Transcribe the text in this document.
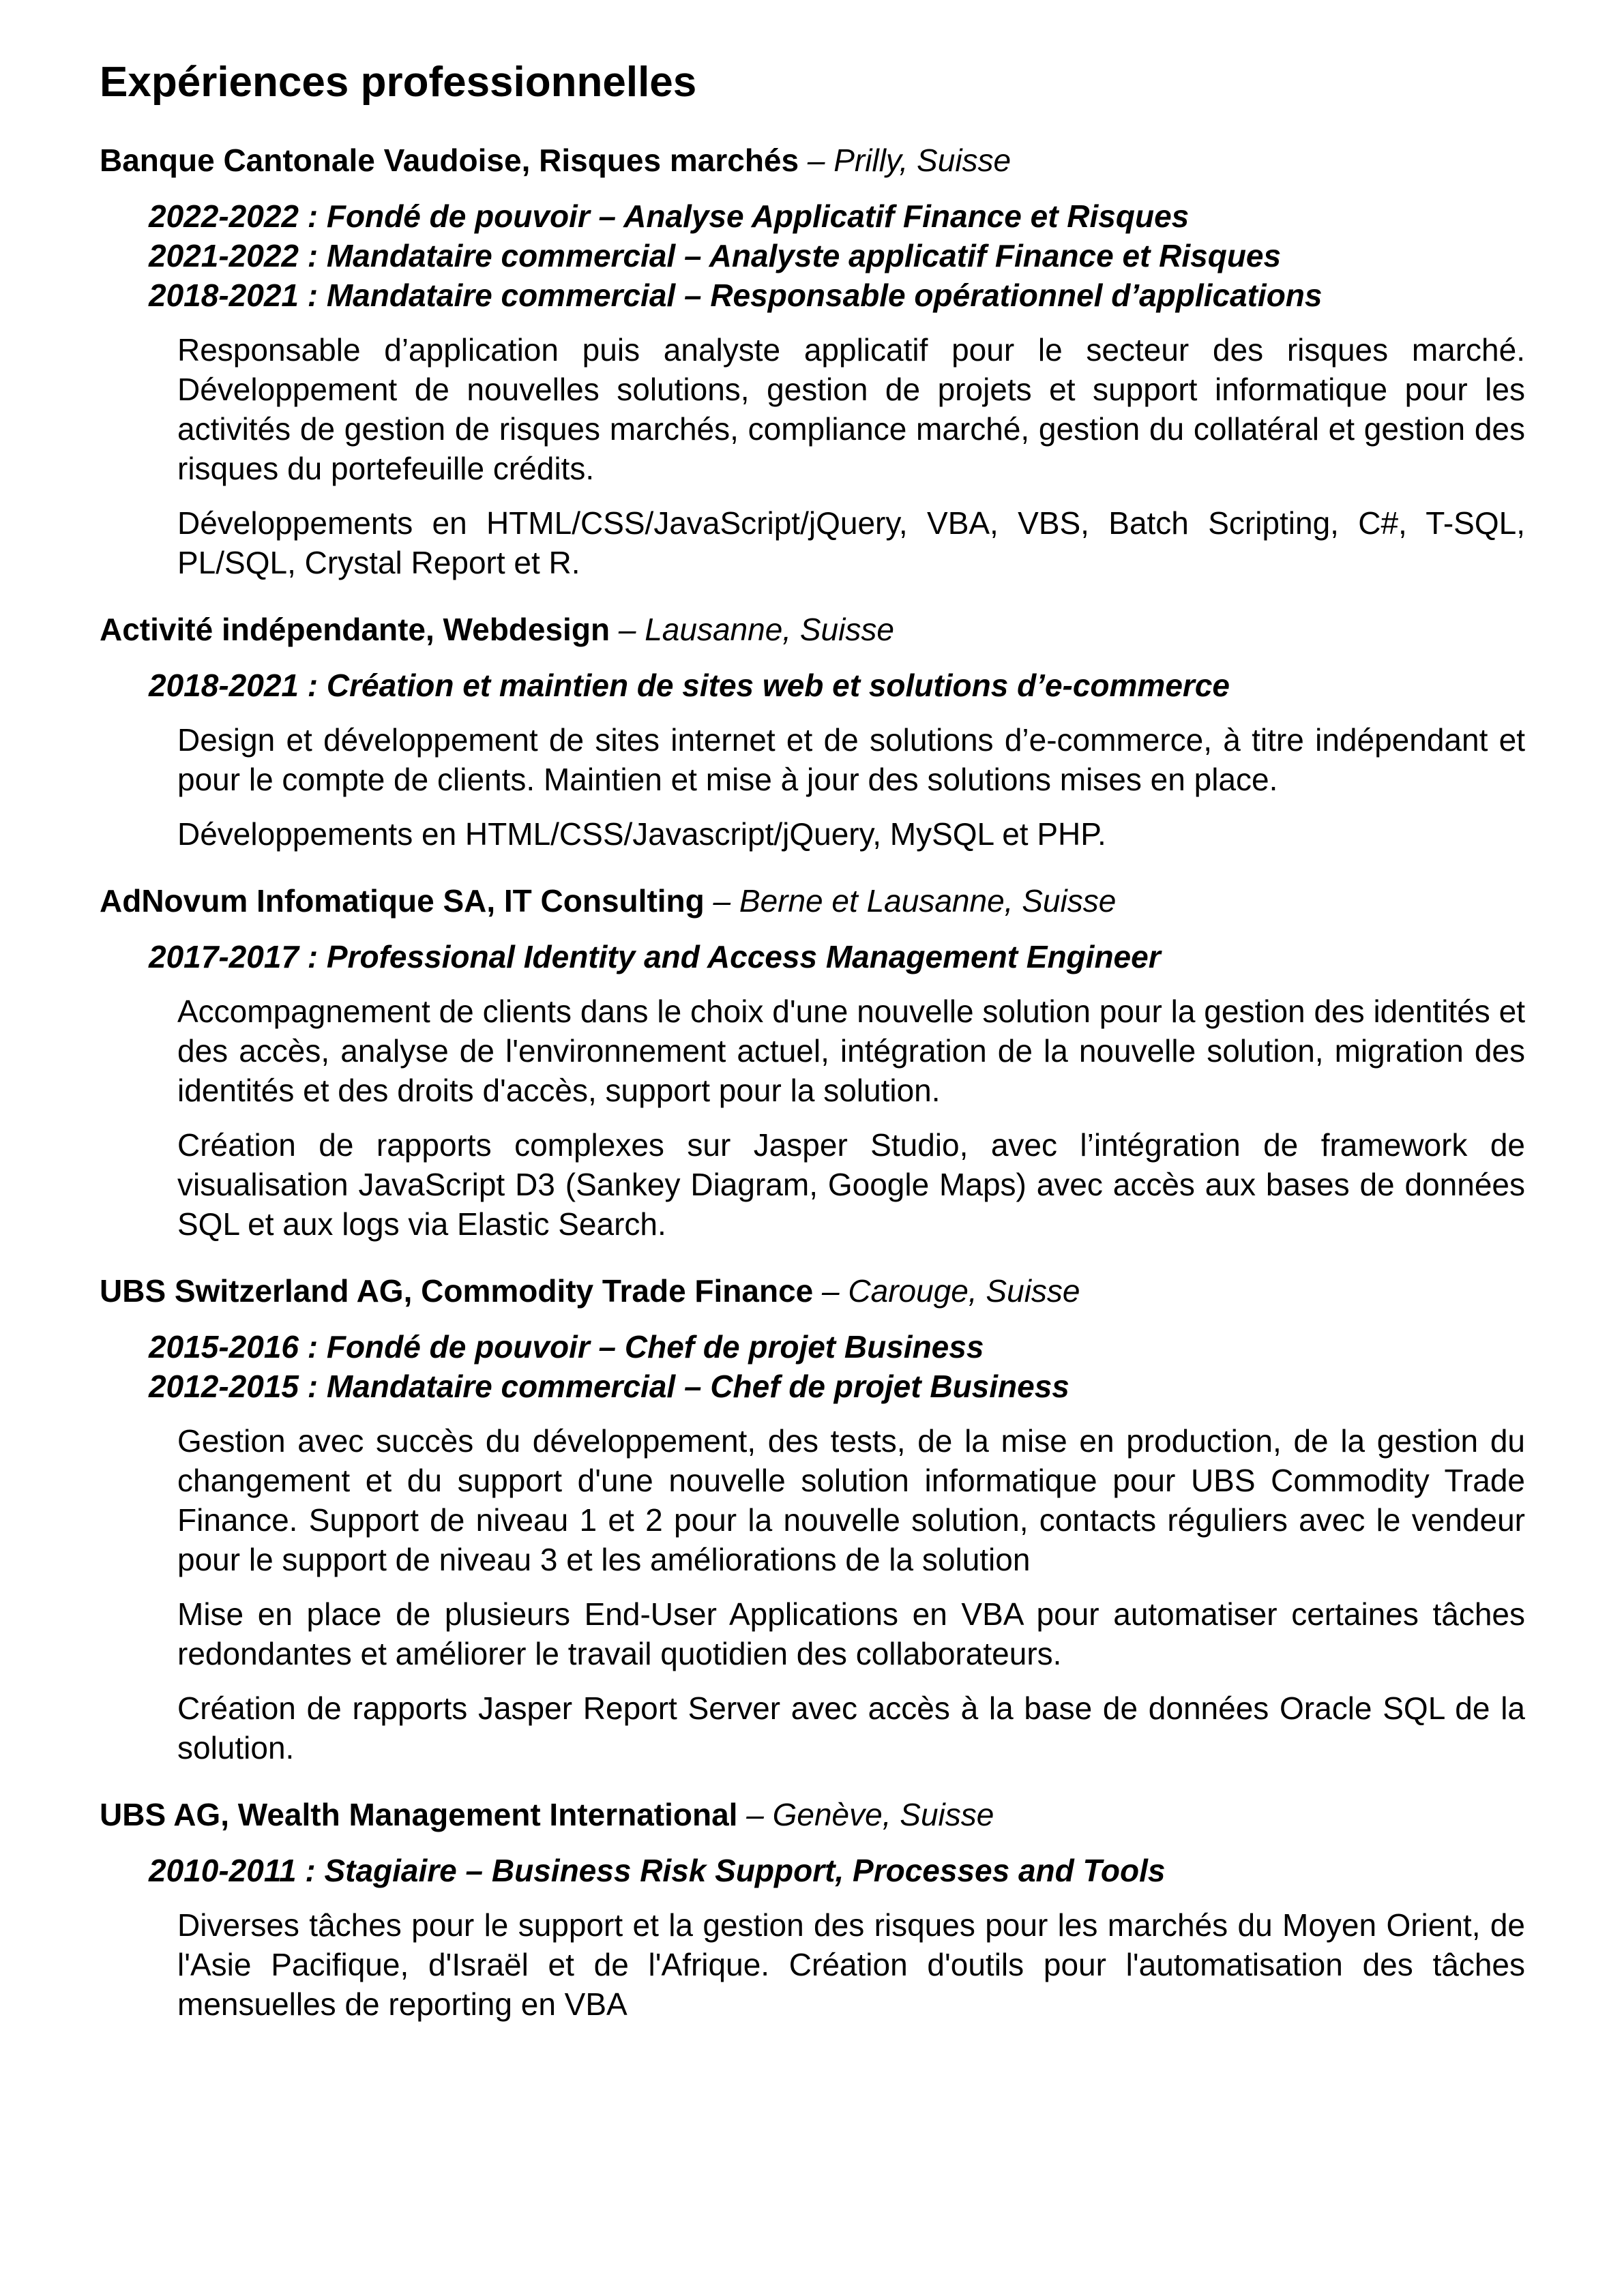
Expériences professionnelles
Banque Cantonale Vaudoise, Risques marchés – Prilly, Suisse
2022-2022 : Fondé de pouvoir – Analyse Applicatif Finance et Risques
2021-2022 : Mandataire commercial – Analyste applicatif Finance et Risques
2018-2021 : Mandataire commercial – Responsable opérationnel d’applications

Responsable d’application puis analyste applicatif pour le secteur des risques marché. Développement de nouvelles solutions, gestion de projets et support informatique pour les activités de gestion de risques marchés, compliance marché, gestion du collatéral et gestion des risques du portefeuille crédits.

Développements en HTML/CSS/JavaScript/jQuery, VBA, VBS, Batch Scripting, C#, T-SQL, PL/SQL, Crystal Report et R.

Activité indépendante, Webdesign – Lausanne, Suisse
2018-2021 : Création et maintien de sites web et solutions d’e-commerce

Design et développement de sites internet et de solutions d’e-commerce, à titre indépendant et pour le compte de clients. Maintien et mise à jour des solutions mises en place.

Développements en HTML/CSS/Javascript/jQuery, MySQL et PHP.

AdNovum Infomatique SA, IT Consulting – Berne et Lausanne, Suisse
2017-2017 : Professional Identity and Access Management Engineer

Accompagnement de clients dans le choix d'une nouvelle solution pour la gestion des identités et des accès, analyse de l'environnement actuel, intégration de la nouvelle solution, migration des identités et des droits d'accès, support pour la solution.

Création de rapports complexes sur Jasper Studio, avec l’intégration de framework de visualisation JavaScript D3 (Sankey Diagram, Google Maps) avec accès aux bases de données SQL et aux logs via Elastic Search.

UBS Switzerland AG, Commodity Trade Finance – Carouge, Suisse
2015-2016 : Fondé de pouvoir – Chef de projet Business
2012-2015 : Mandataire commercial – Chef de projet Business

Gestion avec succès du développement, des tests, de la mise en production, de la gestion du changement et du support d'une nouvelle solution informatique pour UBS Commodity Trade Finance. Support de niveau 1 et 2 pour la nouvelle solution, contacts réguliers avec le vendeur pour le support de niveau 3 et les améliorations de la solution

Mise en place de plusieurs End-User Applications en VBA pour automatiser certaines tâches redondantes et améliorer le travail quotidien des collaborateurs.

Création de rapports Jasper Report Server avec accès à la base de données Oracle SQL de la solution.

UBS AG, Wealth Management International – Genève, Suisse
2010-2011 : Stagiaire – Business Risk Support, Processes and Tools

Diverses tâches pour le support et la gestion des risques pour les marchés du Moyen Orient, de l'Asie Pacifique, d'Israël et de l'Afrique. Création d'outils pour l'automatisation des tâches mensuelles de reporting en VBA
